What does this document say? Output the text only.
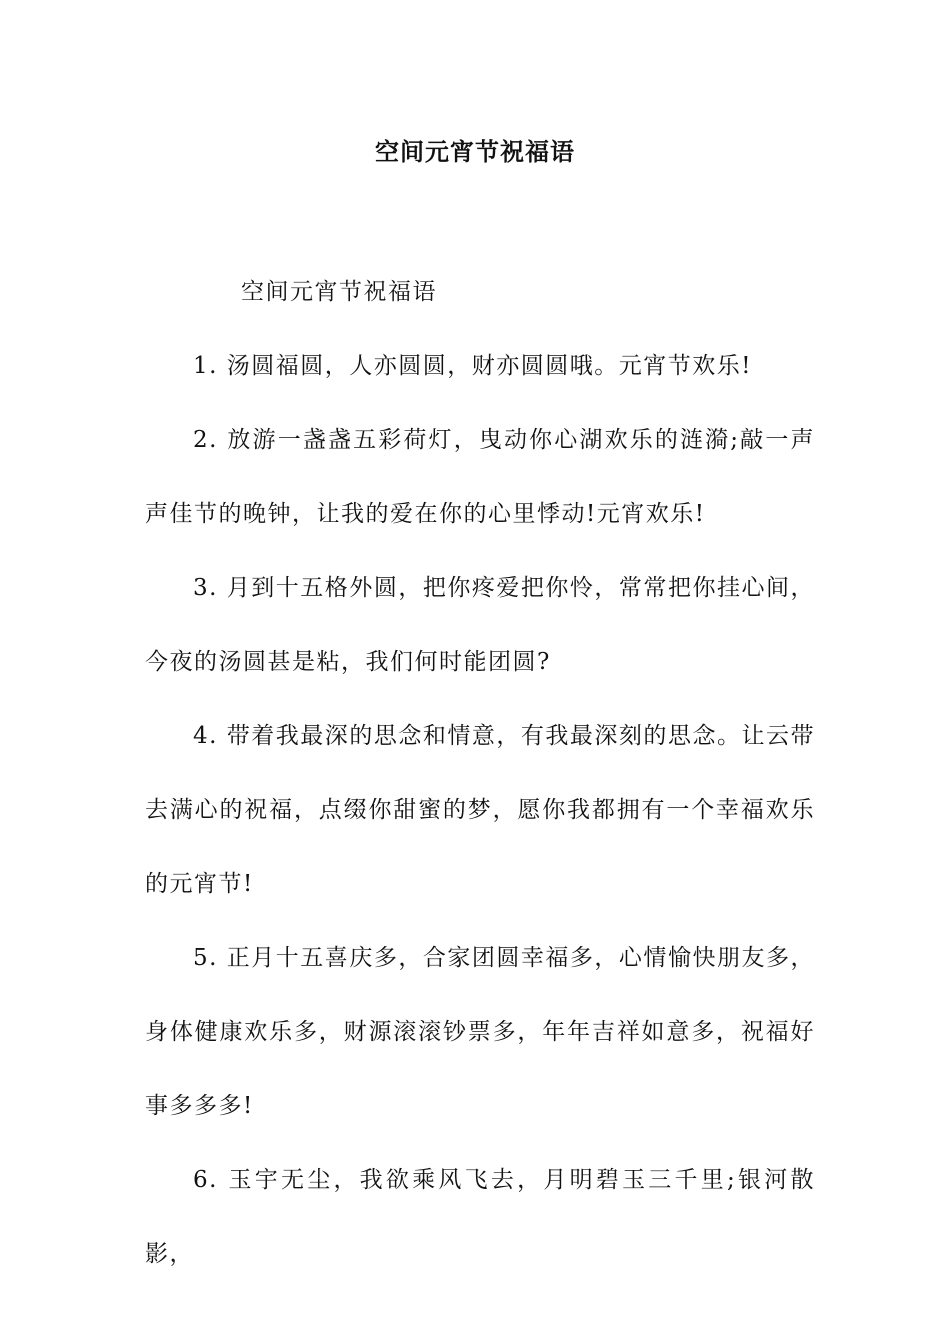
空间元宵节祝福语

空间元宵节祝福语

1. 汤圆福圆，人亦圆圆，财亦圆圆哦。元宵节欢乐!

2. 放游一盏盏五彩荷灯，曳动你心湖欢乐的涟漪;敲一声声佳节的晚钟，让我的爱在你的心里悸动!元宵欢乐!

3. 月到十五格外圆，把你疼爱把你怜，常常把你挂心间，今夜的汤圆甚是粘，我们何时能团圆?

4. 带着我最深的思念和情意，有我最深刻的思念。让云带去满心的祝福，点缀你甜蜜的梦，愿你我都拥有一个幸福欢乐的元宵节!

5. 正月十五喜庆多，合家团圆幸福多，心情愉快朋友多，身体健康欢乐多，财源滚滚钞票多，年年吉祥如意多，祝福好事多多多!

6. 玉宇无尘，我欲乘风飞去，月明碧玉三千里;银河散影，
